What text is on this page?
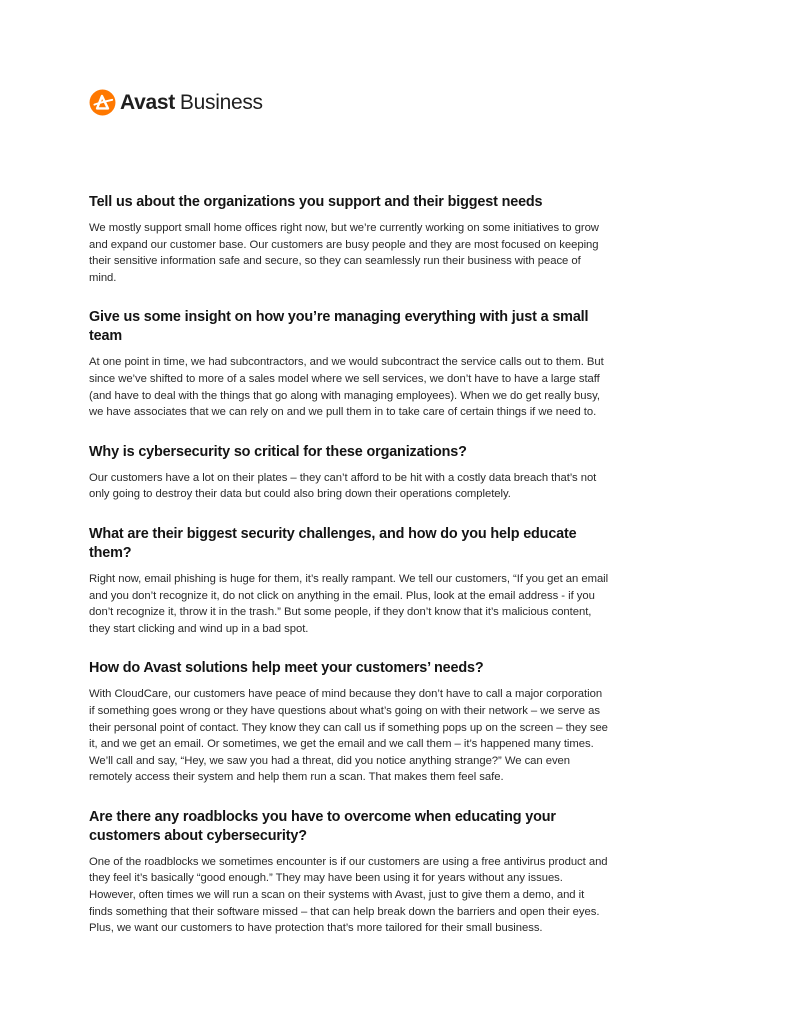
Avast Business
Tell us about the organizations you support and their biggest needs

We mostly support small home offices right now, but we’re currently working on some initiatives to grow and expand our customer base. Our customers are busy people and they are most focused on keeping their sensitive information safe and secure, so they can seamlessly run their business with peace of mind.

Give us some insight on how you’re managing everything with just a small team

At one point in time, we had subcontractors, and we would subcontract the service calls out to them. But since we’ve shifted to more of a sales model where we sell services, we don’t have to have a large staff (and have to deal with the things that go along with managing employees). When we do get really busy, we have associates that we can rely on and we pull them in to take care of certain things if we need to.

Why is cybersecurity so critical for these organizations?

Our customers have a lot on their plates – they can’t afford to be hit with a costly data breach that’s not only going to destroy their data but could also bring down their operations completely.

What are their biggest security challenges, and how do you help educate them?

Right now, email phishing is huge for them, it’s really rampant. We tell our customers, “If you get an email and you don’t recognize it, do not click on anything in the email. Plus, look at the email address - if you don’t recognize it, throw it in the trash.” But some people, if they don’t know that it’s malicious content, they start clicking and wind up in a bad spot.

How do Avast solutions help meet your customers’ needs?

With CloudCare, our customers have peace of mind because they don’t have to call a major corporation if something goes wrong or they have questions about what’s going on with their network – we serve as their personal point of contact. They know they can call us if something pops up on the screen – they see it, and we get an email. Or sometimes, we get the email and we call them – it’s happened many times. We’ll call and say, “Hey, we saw you had a threat, did you notice anything strange?” We can even remotely access their system and help them run a scan. That makes them feel safe.

Are there any roadblocks you have to overcome when educating your customers about cybersecurity?

One of the roadblocks we sometimes encounter is if our customers are using a free antivirus product and they feel it’s basically “good enough.” They may have been using it for years without any issues. However, often times we will run a scan on their systems with Avast, just to give them a demo, and it finds something that their software missed – that can help break down the barriers and open their eyes. Plus, we want our customers to have protection that’s more tailored for their small business.
